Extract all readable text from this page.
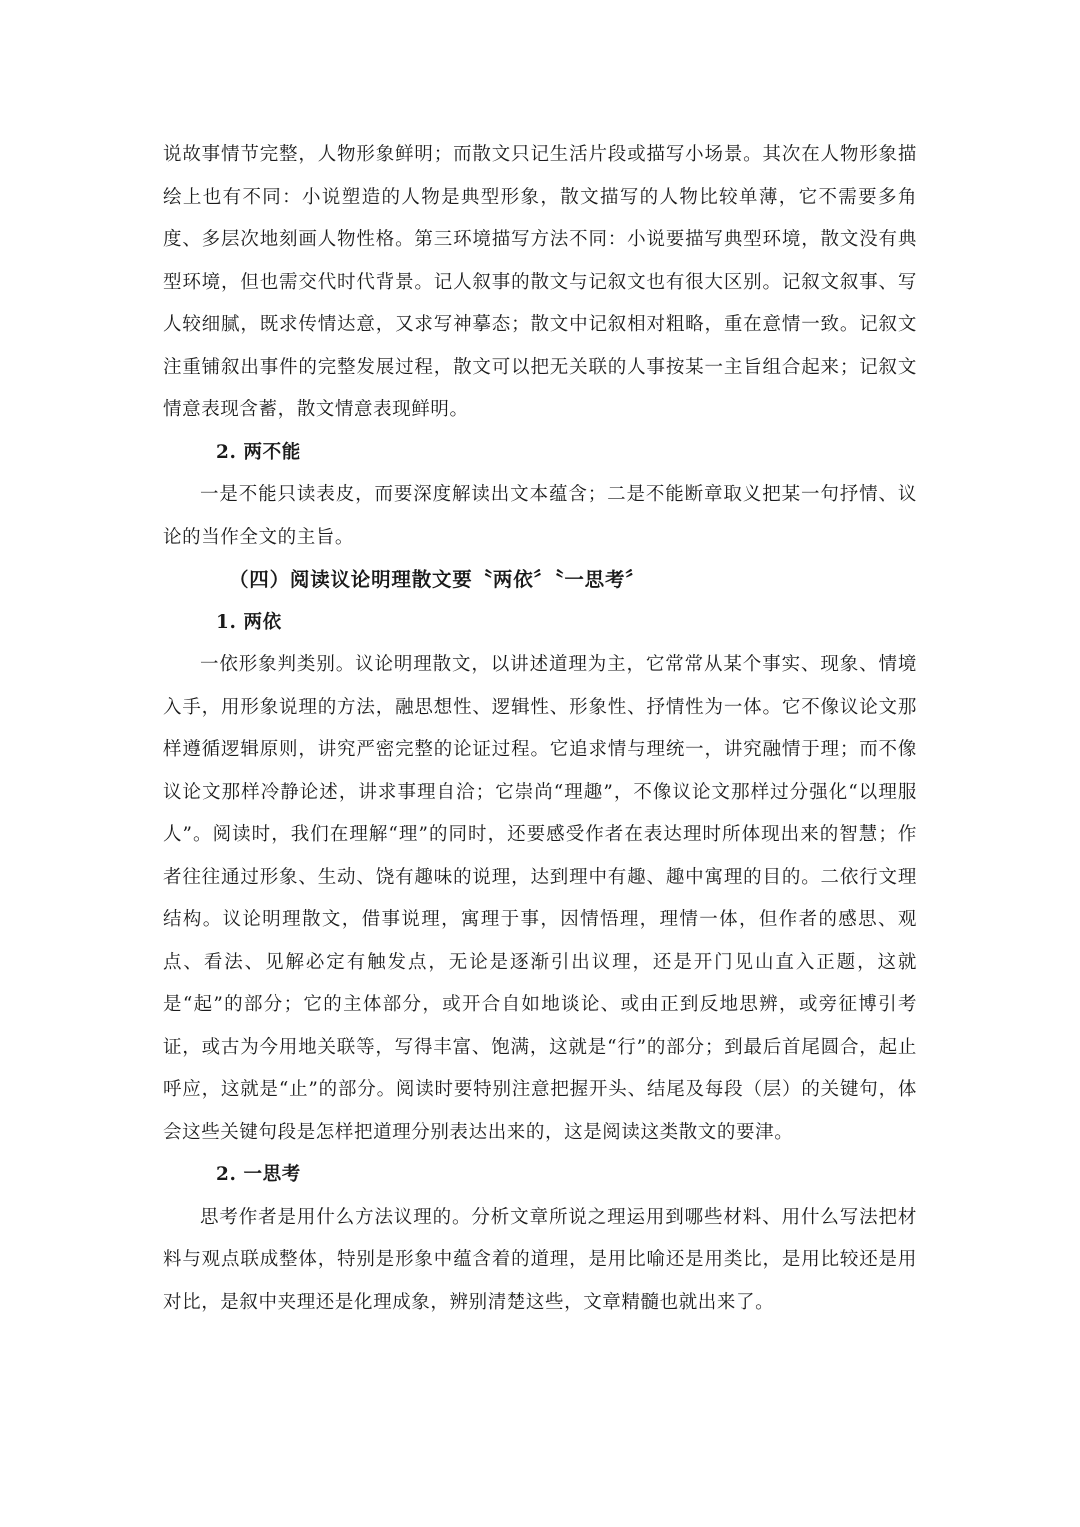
说故事情节完整，人物形象鲜明；而散文只记生活片段或描写小场景。其次在人物形象描绘上也有不同：小说塑造的人物是典型形象，散文描写的人物比较单薄，它不需要多角度、多层次地刻画人物性格。第三环境描写方法不同：小说要描写典型环境，散文没有典型环境，但也需交代时代背景。记人叙事的散文与记叙文也有很大区别。记叙文叙事、写人较细腻，既求传情达意，又求写神摹态；散文中记叙相对粗略，重在意情一致。记叙文注重铺叙出事件的完整发展过程，散文可以把无关联的人事按某一主旨组合起来；记叙文情意表现含蓄，散文情意表现鲜明。

2. 两不能

一是不能只读表皮，而要深度解读出文本蕴含；二是不能断章取义把某一句抒情、议论的当作全文的主旨。

（四）阅读议论明理散文要〝两依〞〝一思考〞

1. 两依

一依形象判类别。议论明理散文，以讲述道理为主，它常常从某个事实、现象、情境入手，用形象说理的方法，融思想性、逻辑性、形象性、抒情性为一体。它不像议论文那样遵循逻辑原则，讲究严密完整的论证过程。它追求情与理统一，讲究融情于理；而不像议论文那样冷静论述，讲求事理自洽；它崇尚“理趣”，不像议论文那样过分强化“以理服人”。阅读时，我们在理解“理”的同时，还要感受作者在表达理时所体现出来的智慧；作者往往通过形象、生动、饶有趣味的说理，达到理中有趣、趣中寓理的目的。二依行文理结构。议论明理散文，借事说理，寓理于事，因情悟理，理情一体，但作者的感思、观点、看法、见解必定有触发点，无论是逐渐引出议理，还是开门见山直入正题，这就是“起”的部分；它的主体部分，或开合自如地谈论、或由正到反地思辨，或旁征博引考证，或古为今用地关联等，写得丰富、饱满，这就是“行”的部分；到最后首尾圆合，起止呼应，这就是“止”的部分。阅读时要特别注意把握开头、结尾及每段（层）的关键句，体会这些关键句段是怎样把道理分别表达出来的，这是阅读这类散文的要津。

2. 一思考

思考作者是用什么方法议理的。分析文章所说之理运用到哪些材料、用什么写法把材料与观点联成整体，特别是形象中蕴含着的道理，是用比喻还是用类比，是用比较还是用对比，是叙中夹理还是化理成象，辨别清楚这些，文章精髓也就出来了。
